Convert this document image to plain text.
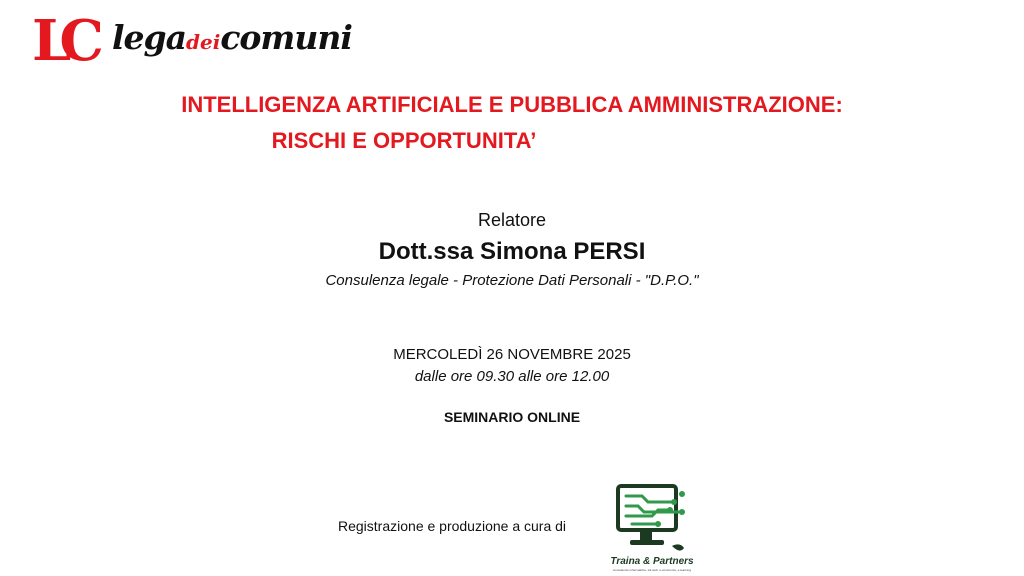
LC legadeicomuni
INTELLIGENZA ARTIFICIALE E PUBBLICA AMMINISTRAZIONE:
RISCHI E OPPORTUNITA’
Relatore
Dott.ssa Simona PERSI
Consulenza legale - Protezione Dati Personali - "D.P.O."
MERCOLEDÌ 26 NOVEMBRE 2025
dalle ore 09.30 alle ore 12.00
SEMINARIO ONLINE
Registrazione e produzione a cura di
Traina & Partners
Consulenze informatiche, siti web, e-commerce, e-learning
